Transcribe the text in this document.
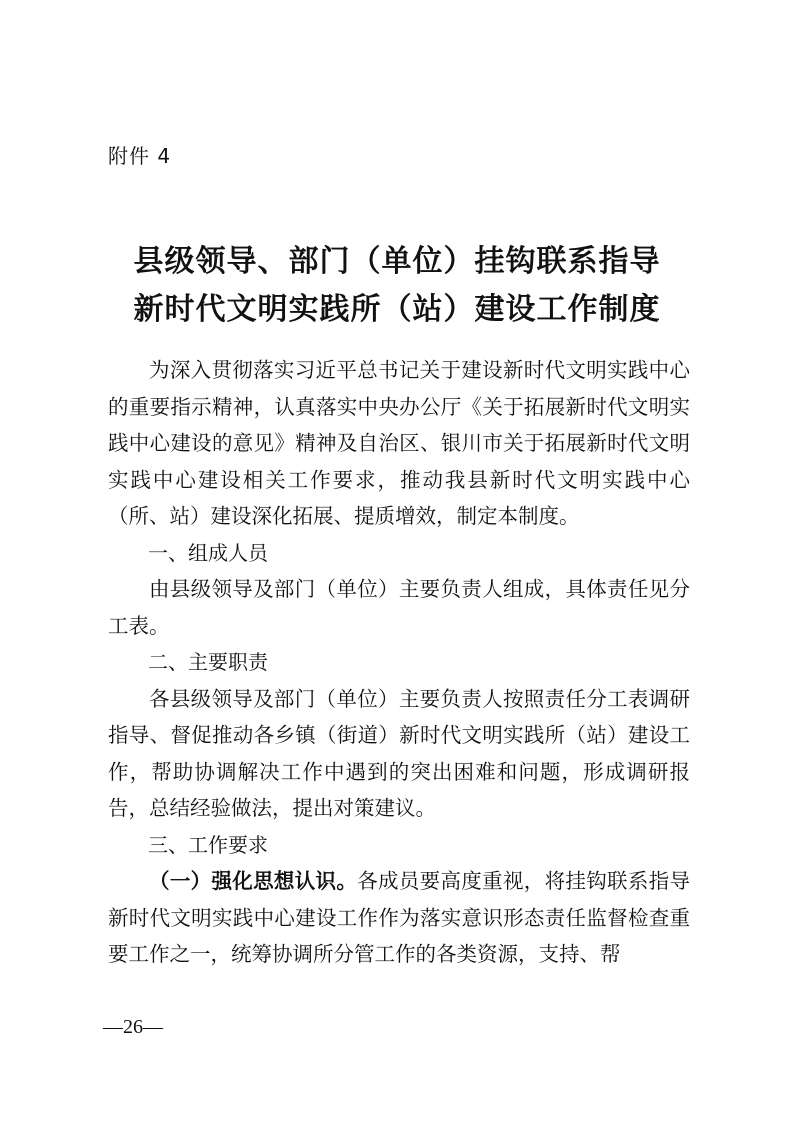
附件 4
县级领导、部门（单位）挂钩联系指导
新时代文明实践所（站）建设工作制度

为深入贯彻落实习近平总书记关于建设新时代文明实践中心的重要指示精神，认真落实中央办公厅《关于拓展新时代文明实践中心建设的意见》精神及自治区、银川市关于拓展新时代文明实践中心建设相关工作要求，推动我县新时代文明实践中心（所、站）建设深化拓展、提质增效，制定本制度。

一、组成人员

由县级领导及部门（单位）主要负责人组成，具体责任见分工表。

二、主要职责

各县级领导及部门（单位）主要负责人按照责任分工表调研指导、督促推动各乡镇（街道）新时代文明实践所（站）建设工作，帮助协调解决工作中遇到的突出困难和问题，形成调研报告，总结经验做法，提出对策建议。

三、工作要求

（一）强化思想认识。各成员要高度重视，将挂钩联系指导新时代文明实践中心建设工作作为落实意识形态责任监督检查重要工作之一，统筹协调所分管工作的各类资源，支持、帮

—26—
